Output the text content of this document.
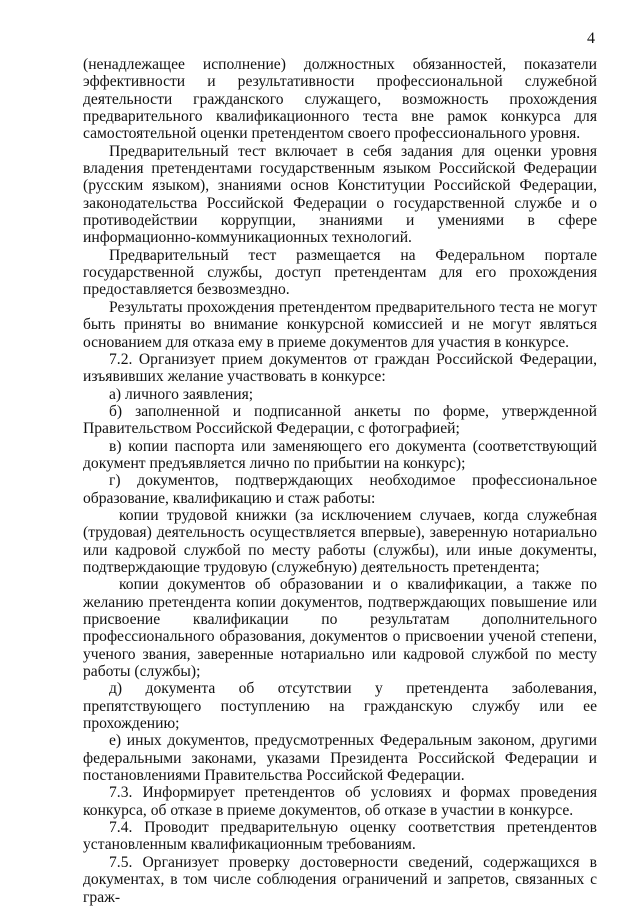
4

(ненадлежащее исполнение) должностных обязанностей, показатели эффективности и результативности профессиональной служебной деятельности гражданского служащего, возможность прохождения предварительного квалификационного теста вне рамок конкурса для самостоятельной оценки претендентом своего профессионального уровня.

Предварительный тест включает в себя задания для оценки уровня владения претендентами государственным языком Российской Федерации (русским языком), знаниями основ Конституции Российской Федерации, законодательства Российской Федерации о государственной службе и о противодействии коррупции, знаниями и умениями в сфере информационно-коммуникационных технологий.

Предварительный тест размещается на Федеральном портале государственной службы, доступ претендентам для его прохождения предоставляется безвозмездно.

Результаты прохождения претендентом предварительного теста не могут быть приняты во внимание конкурсной комиссией и не могут являться основанием для отказа ему в приеме документов для участия в конкурсе.

7.2. Организует прием документов от граждан Российской Федерации, изъявивших желание участвовать в конкурсе:

а) личного заявления;

б) заполненной и подписанной анкеты по форме, утвержденной Правительством Российской Федерации, с фотографией;

в) копии паспорта или заменяющего его документа (соответствующий документ предъявляется лично по прибытии на конкурс);

г) документов, подтверждающих необходимое профессиональное образование, квалификацию и стаж работы:

копии трудовой книжки (за исключением случаев, когда служебная (трудовая) деятельность осуществляется впервые), заверенную нотариально или кадровой службой по месту работы (службы), или иные документы, подтверждающие трудовую (служебную) деятельность претендента;

копии документов об образовании и о квалификации, а также по желанию претендента копии документов, подтверждающих повышение или присвоение квалификации по результатам дополнительного профессионального образования, документов о присвоении ученой степени, ученого звания, заверенные нотариально или кадровой службой по месту работы (службы);

д) документа об отсутствии у претендента заболевания, препятствующего поступлению на гражданскую службу или ее прохождению;

е) иных документов, предусмотренных Федеральным законом, другими федеральными законами, указами Президента Российской Федерации и постановлениями Правительства Российской Федерации.

7.3. Информирует претендентов об условиях и формах проведения конкурса, об отказе в приеме документов, об отказе в участии в конкурсе.

7.4. Проводит предварительную оценку соответствия претендентов установленным квалификационным требованиям.

7.5. Организует проверку достоверности сведений, содержащихся в документах, в том числе соблюдения ограничений и запретов, связанных с граж-
